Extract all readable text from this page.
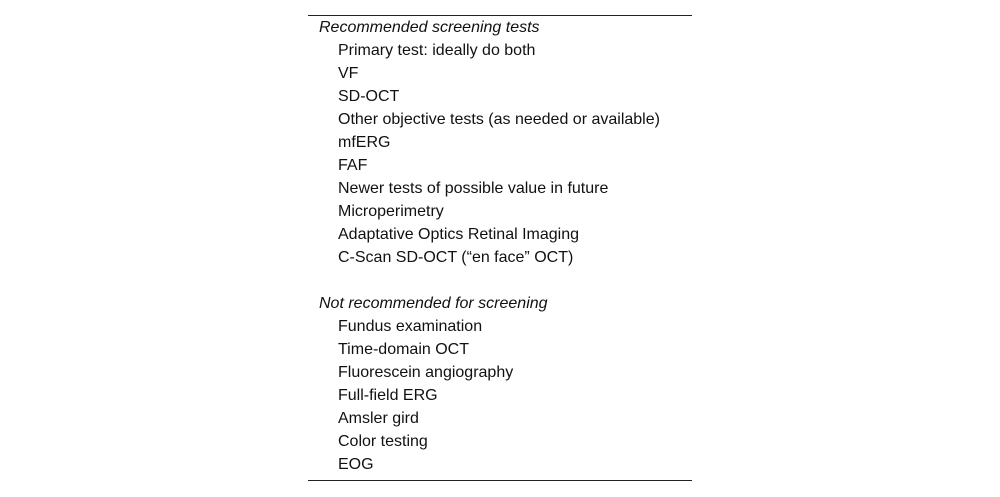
Recommended screening tests
Primary test: ideally do both
VF
SD-OCT
Other objective tests (as needed or available)
mfERG
FAF
Newer tests of possible value in future
Microperimetry
Adaptative Optics Retinal Imaging
C-Scan SD-OCT (“en face” OCT)
Not recommended for screening
Fundus examination
Time-domain OCT
Fluorescein angiography
Full-field ERG
Amsler gird
Color testing
EOG
